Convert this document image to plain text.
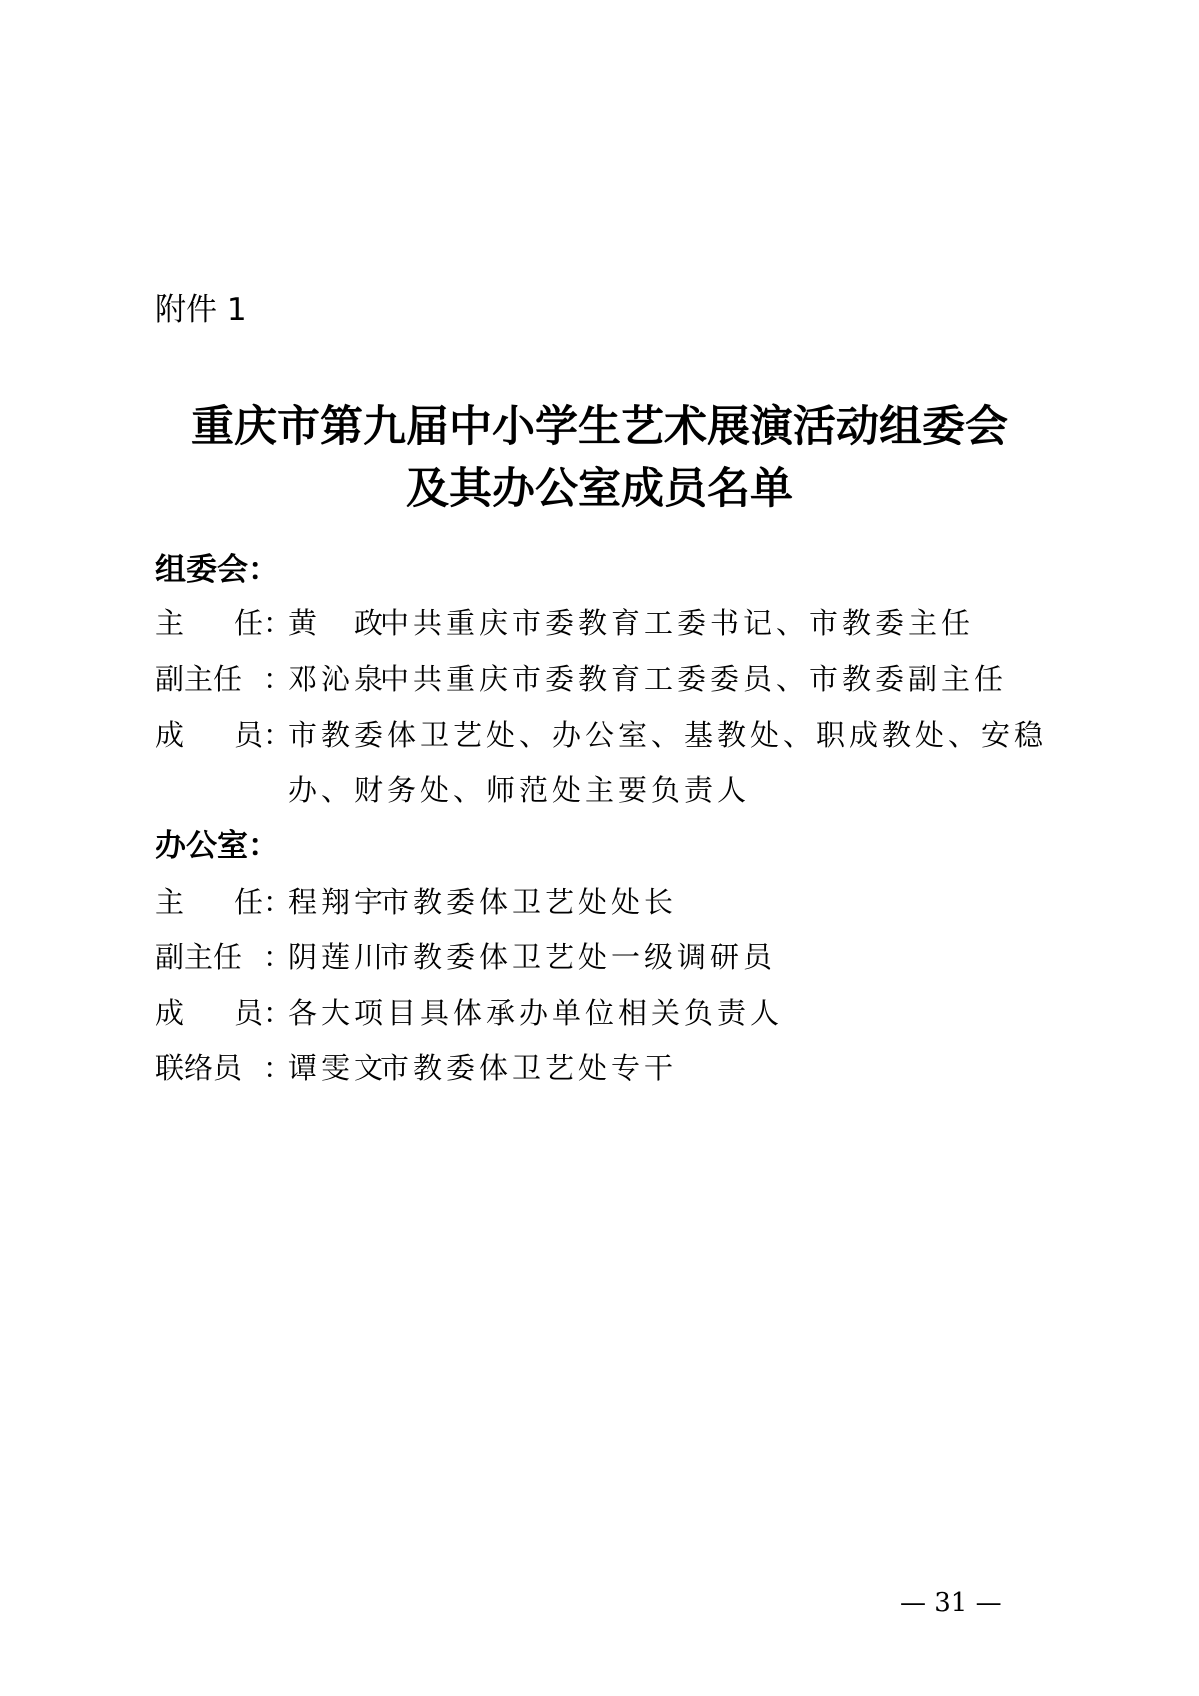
附件 1
重庆市第九届中小学生艺术展演活动组委会
及其办公室成员名单
组委会：
主任 ：
黄　政
中共重庆市委教育工委书记、市教委主任
副主任 ：
邓沁泉
中共重庆市委教育工委委员、市教委副主任
成员 ：
市教委体卫艺处、办公室、基教处、职成教处、安稳
办、财务处、师范处主要负责人
办公室：
主任 ：
程翔宇
市教委体卫艺处处长
副主任 ：
阴莲川
市教委体卫艺处一级调研员
成员 ：
各大项目具体承办单位相关负责人
联络员 ：
谭雯文
市教委体卫艺处专干
— 31 —
